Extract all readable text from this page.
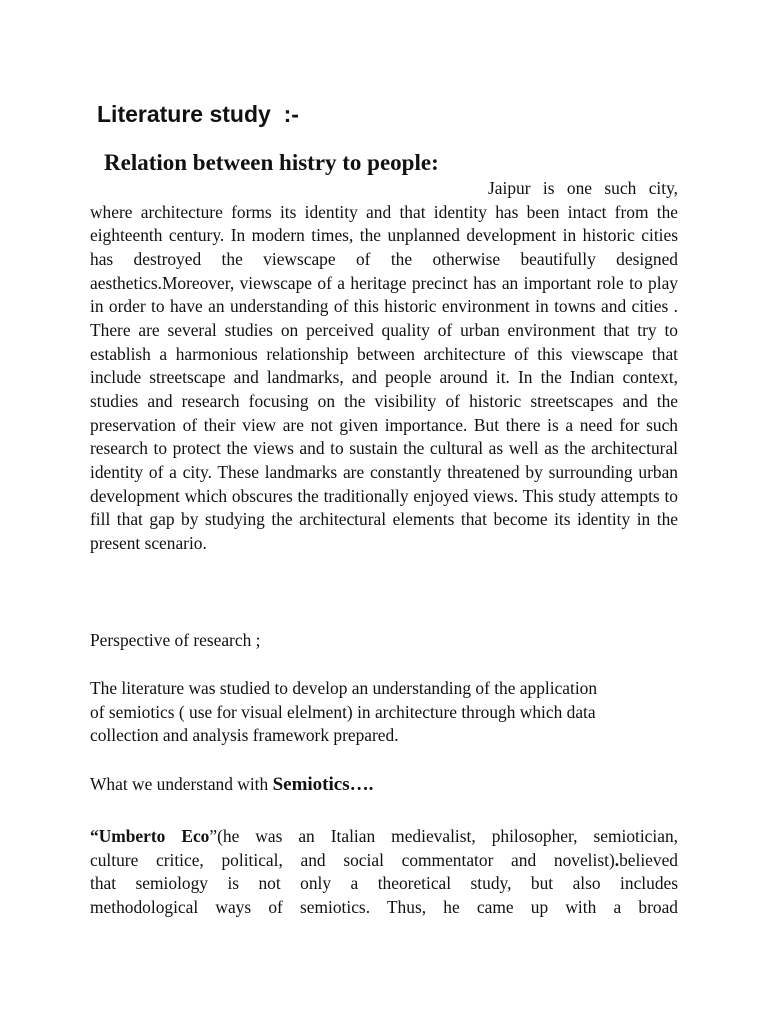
Literature study  :-
Relation between histry to people:

Jaipur is one such city, where architecture forms its identity and that identity has been intact from the eighteenth century. In modern times, the unplanned development in historic cities has destroyed the viewscape of the otherwise beautifully designed aesthetics.Moreover, viewscape of a heritage precinct has an important role to play in order to have an understanding of this historic environment in towns and cities . There are several studies on perceived quality of urban environment that try to establish a harmonious relationship between architecture of this viewscape that include streetscape and landmarks, and people around it. In the Indian context, studies and research focusing on the visibility of historic streetscapes and the preservation of their view are not given importance. But there is a need for such research to protect the views and to sustain the cultural as well as the architectural identity of a city. These landmarks are constantly threatened by surrounding urban development which obscures the traditionally enjoyed views. This study attempts to fill that gap by studying the architectural elements that become its identity in the present scenario.

Perspective of research ;

The literature was studied to develop an understanding of the application
of semiotics ( use for visual elelment) in architecture through which data
collection and analysis framework prepared.

What we understand with Semiotics….

“Umberto Eco”(he was an Italian medievalist, philosopher, semiotician,
culture critice, political, and social commentator and novelist).believed
that semiology is not only a theoretical study, but also includes
methodological ways of semiotics. Thus, he came up with a broad
